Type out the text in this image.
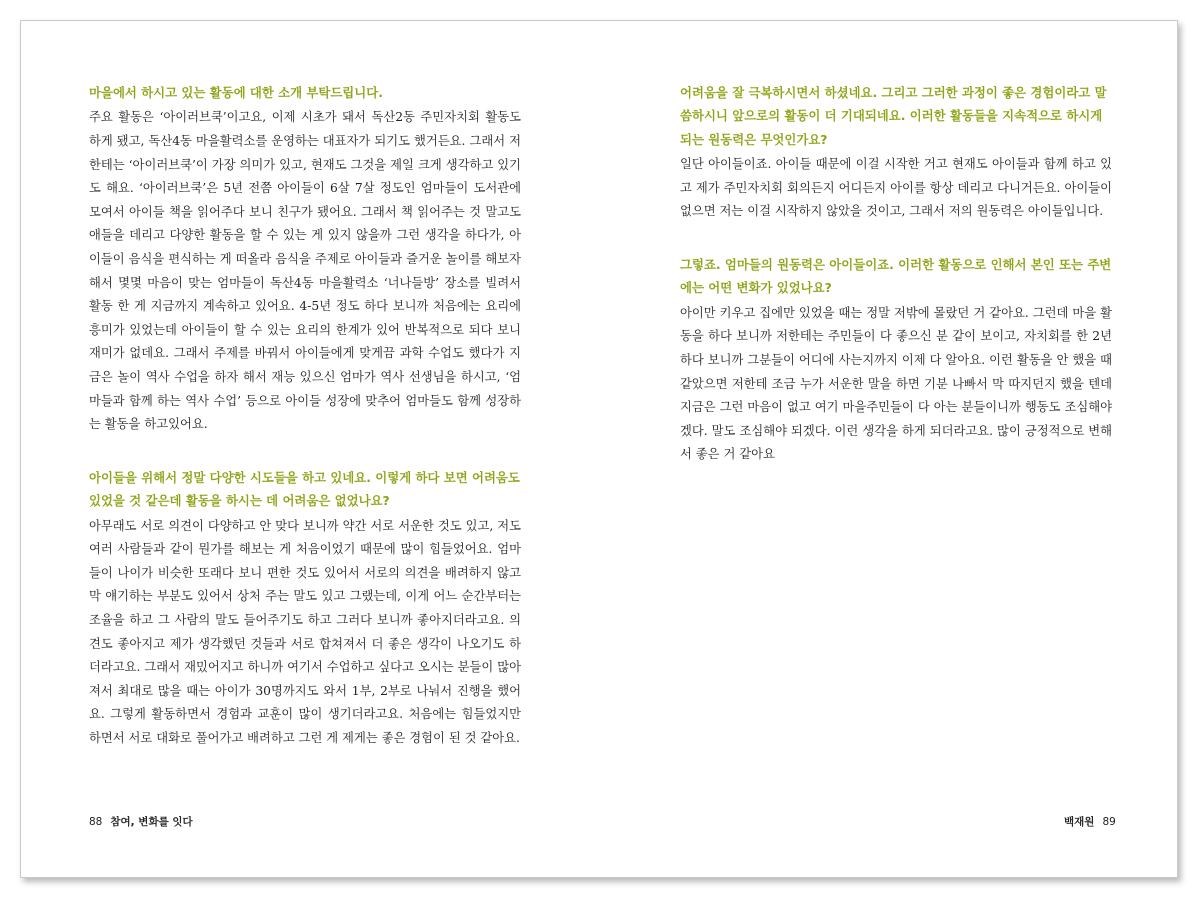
마을에서 하시고 있는 활동에 대한 소개 부탁드립니다.

주요 활동은 ‘아이러브쿡’이고요, 이제 시초가 돼서 독산2동 주민자치회 활동도 하게 됐고, 독산4동 마을활력소를 운영하는 대표자가 되기도 했거든요. 그래서 저한테는 ‘아이러브쿡’이 가장 의미가 있고, 현재도 그것을 제일 크게 생각하고 있기도 해요. ‘아이러브쿡’은 5년 전쯤 아이들이 6살 7살 정도인 엄마들이 도서관에 모여서 아이들 책을 읽어주다 보니 친구가 됐어요. 그래서 책 읽어주는 것 말고도 애들을 데리고 다양한 활동을 할 수 있는 게 있지 않을까 그런 생각을 하다가, 아이들이 음식을 편식하는 게 떠올라 음식을 주제로 아이들과 즐거운 놀이를 해보자 해서 몇몇 마음이 맞는 엄마들이 독산4동 마을활력소 ‘너나들방’ 장소를 빌려서 활동 한 게 지금까지 계속하고 있어요. 4-5년 정도 하다 보니까 처음에는 요리에 흥미가 있었는데 아이들이 할 수 있는 요리의 한계가 있어 반복적으로 되다 보니 재미가 없데요. 그래서 주제를 바꿔서 아이들에게 맞게끔 과학 수업도 했다가 지금은 놀이 역사 수업을 하자 해서 재능 있으신 엄마가 역사 선생님을 하시고, ‘엄마들과 함께 하는 역사 수업’ 등으로 아이들 성장에 맞추어 엄마들도 함께 성장하는 활동을 하고있어요.

아이들을 위해서 정말 다양한 시도들을 하고 있네요. 이렇게 하다 보면 어려움도 있었을 것 같은데 활동을 하시는 데 어려움은 없었나요?

아무래도 서로 의견이 다양하고 안 맞다 보니까 약간 서로 서운한 것도 있고, 저도 여러 사람들과 같이 뭔가를 해보는 게 처음이었기 때문에 많이 힘들었어요. 엄마들이 나이가 비슷한 또래다 보니 편한 것도 있어서 서로의 의견을 배려하지 않고 막 얘기하는 부분도 있어서 상처 주는 말도 있고 그랬는데, 이게 어느 순간부터는 조율을 하고 그 사람의 말도 들어주기도 하고 그러다 보니까 좋아지더라고요. 의견도 좋아지고 제가 생각했던 것들과 서로 합쳐져서 더 좋은 생각이 나오기도 하더라고요. 그래서 재밌어지고 하니까 여기서 수업하고 싶다고 오시는 분들이 많아져서 최대로 많을 때는 아이가 30명까지도 와서 1부, 2부로 나눠서 진행을 했어요. 그렇게 활동하면서 경험과 교훈이 많이 생기더라고요. 처음에는 힘들었지만 하면서 서로 대화로 풀어가고 배려하고 그런 게 제게는 좋은 경험이 된 것 같아요.

어려움을 잘 극복하시면서 하셨네요. 그리고 그러한 과정이 좋은 경험이라고 말씀하시니 앞으로의 활동이 더 기대되네요. 이러한 활동들을 지속적으로 하시게 되는 원동력은 무엇인가요?

일단 아이들이죠. 아이들 때문에 이걸 시작한 거고 현재도 아이들과 함께 하고 있고 제가 주민자치회 회의든지 어디든지 아이를 항상 데리고 다니거든요. 아이들이 없으면 저는 이걸 시작하지 않았을 것이고, 그래서 저의 원동력은 아이들입니다.

그렇죠. 엄마들의 원동력은 아이들이죠. 이러한 활동으로 인해서 본인 또는 주변에는 어떤 변화가 있었나요?

아이만 키우고 집에만 있었을 때는 정말 저밖에 몰랐던 거 같아요. 그런데 마을 활동을 하다 보니까 저한테는 주민들이 다 좋으신 분 같이 보이고, 자치회를 한 2년 하다 보니까 그분들이 어디에 사는지까지 이제 다 알아요. 이런 활동을 안 했을 때 같았으면 저한테 조금 누가 서운한 말을 하면 기분 나빠서 막 따지던지 했을 텐데 지금은 그런 마음이 없고 여기 마을주민들이 다 아는 분들이니까 행동도 조심해야 겠다. 말도 조심해야 되겠다. 이런 생각을 하게 되더라고요. 많이 긍정적으로 변해서 좋은 거 같아요

88 참여, 변화를 잇다	백재원 89
